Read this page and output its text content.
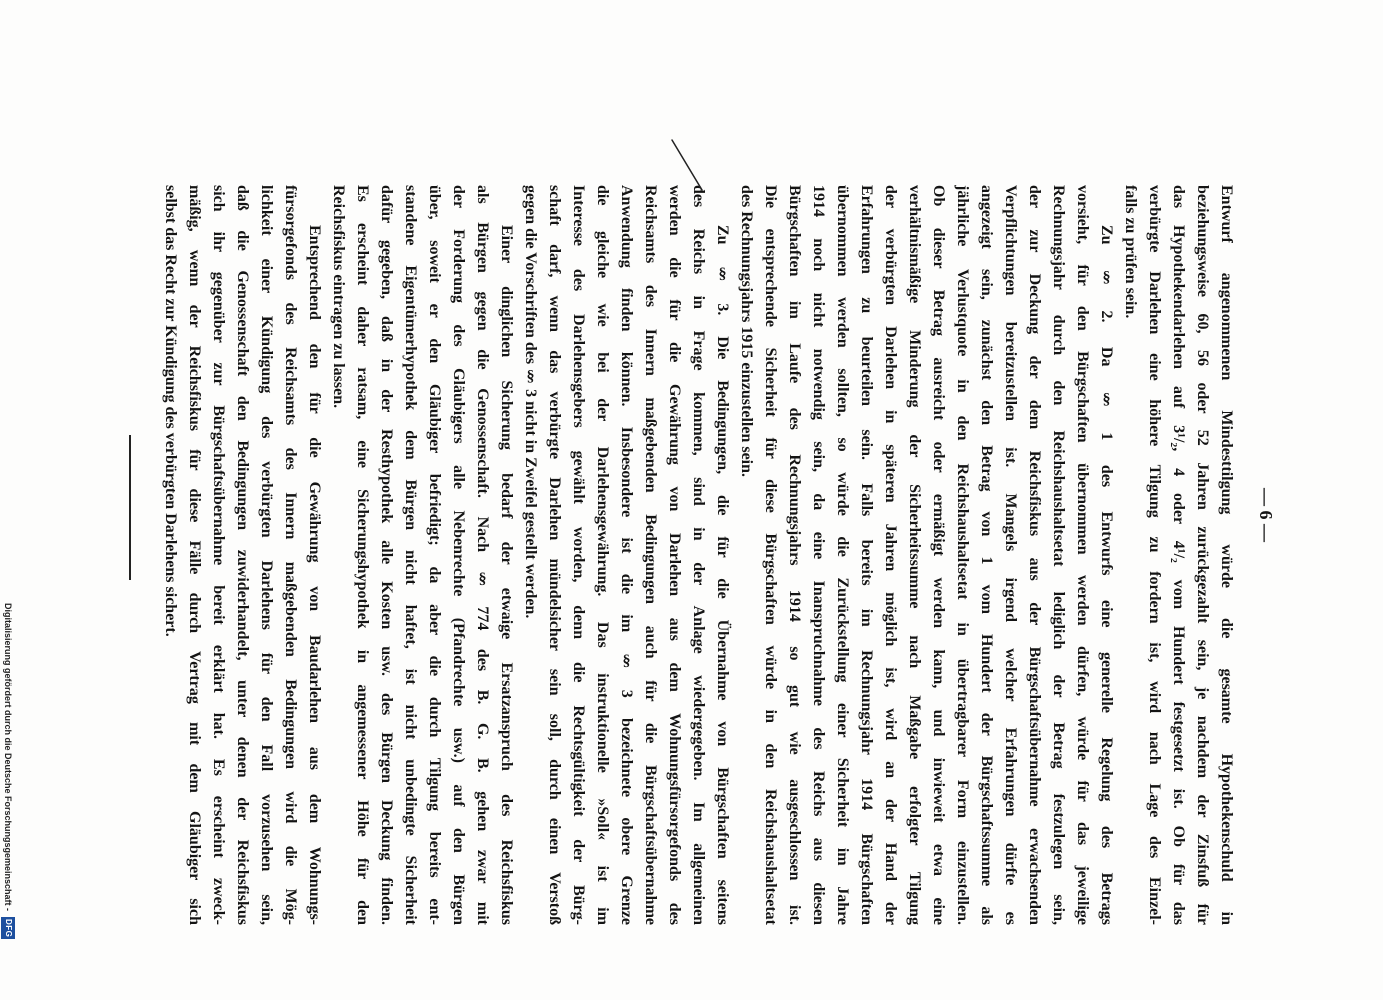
— 6 —
Entwurf angenommenen Mindesttilgung würde die gesamte Hypothekenschuld in
beziehungsweise 60, 56 oder 52 Jahren zurückgezahlt sein, je nachdem der Zinsfuß für
das Hypothekendarlehen auf 3¹/₂, 4 oder 4¹/₂ vom Hundert festgesetzt ist. Ob für das
verbürgte Darlehen eine höhere Tilgung zu fordern ist, wird nach Lage des Einzel-
falls zu prüfen sein.
Zu § 2. Da § 1 des Entwurfs eine generelle Regelung des Betrags
vorsieht, für den Bürgschaften übernommen werden dürfen, würde für das jeweilige
Rechnungsjahr durch den Reichshaushaltsetat lediglich der Betrag festzulegen sein,
der zur Deckung der dem Reichsfiskus aus der Bürgschaftsübernahme erwachsenden
Verpflichtungen bereitzustellen ist. Mangels irgend welcher Erfahrungen dürfte es
angezeigt sein, zunächst den Betrag von 1 vom Hundert der Bürgschaftssumme als
jährliche Verlustquote in den Reichshaushaltsetat in übertragbarer Form einzustellen.
Ob dieser Betrag ausreicht oder ermäßigt werden kann, und inwieweit etwa eine
verhältnismäßige Minderung der Sicherheitssumme nach Maßgabe erfolgter Tilgung
der verbürgten Darlehen in späteren Jahren möglich ist, wird an der Hand der
Erfahrungen zu beurteilen sein. Falls bereits im Rechnungsjahr 1914 Bürgschaften
übernommen werden sollten, so würde die Zurückstellung einer Sicherheit im Jahre
1914 noch nicht notwendig sein, da eine Inanspruchnahme des Reichs aus diesen
Bürgschaften im Laufe des Rechnungsjahrs 1914 so gut wie ausgeschlossen ist.
Die entsprechende Sicherheit für diese Bürgschaften würde in den Reichshaushaltsetat
des Rechnungsjahrs 1915 einzustellen sein.
Zu § 3. Die Bedingungen, die für die Übernahme von Bürgschaften seitens
des Reichs in Frage kommen, sind in der Anlage wiedergegeben. Im allgemeinen
werden die für die Gewährung von Darlehen aus dem Wohnungsfürsorgefonds des
Reichsamts des Innern maßgebenden Bedingungen auch für die Bürgschaftsübernahme
Anwendung finden können. Insbesondere ist die im § 3 bezeichnete obere Grenze
die gleiche wie bei der Darlehensgewährung. Das instruktionelle »Soll« ist im
Interesse des Darlehensgebers gewählt worden, denn die Rechtsgültigkeit der Bürg-
schaft darf, wenn das verbürgte Darlehen mündelsicher sein soll, durch einen Verstoß
gegen die Vorschriften des § 3 nicht in Zweifel gestellt werden.
Einer dinglichen Sicherung bedarf der etwaige Ersatzanspruch des Reichsfiskus
als Bürgen gegen die Genossenschaft. Nach § 774 des B. G. B. gehen zwar mit
der Forderung des Gläubigers alle Nebenrechte (Pfandrechte usw.) auf den Bürgen
über, soweit er den Gläubiger befriedigt; da aber die durch Tilgung bereits ent-
standene Eigentümerhypothek dem Bürgen nicht haftet, ist nicht unbedingte Sicherheit
dafür gegeben, daß in der Resthypothek alle Kosten usw. des Bürgen Deckung finden.
Es erscheint daher ratsam, eine Sicherungshypothek in angemessener Höhe für den
Reichsfiskus eintragen zu lassen.
Entsprechend den für die Gewährung von Baudarlehen aus dem Wohnungs-
fürsorgefonds des Reichsamts des Innern maßgebenden Bedingungen wird die Mög-
lichkeit einer Kündigung des verbürgten Darlehens für den Fall vorzusehen sein,
daß die Genossenschaft den Bedingungen zuwiderhandelt, unter denen der Reichsfiskus
sich ihr gegenüber zur Bürgschaftsübernahme bereit erklärt hat. Es erscheint zweck-
mäßig, wenn der Reichsfiskus für diese Fälle durch Vertrag mit dem Gläubiger sich
selbst das Recht zur Kündigung des verbürgten Darlehens sichert.
Digitalisierung gefördert durch die Deutsche Forschungsgemeinschaft - DFG
